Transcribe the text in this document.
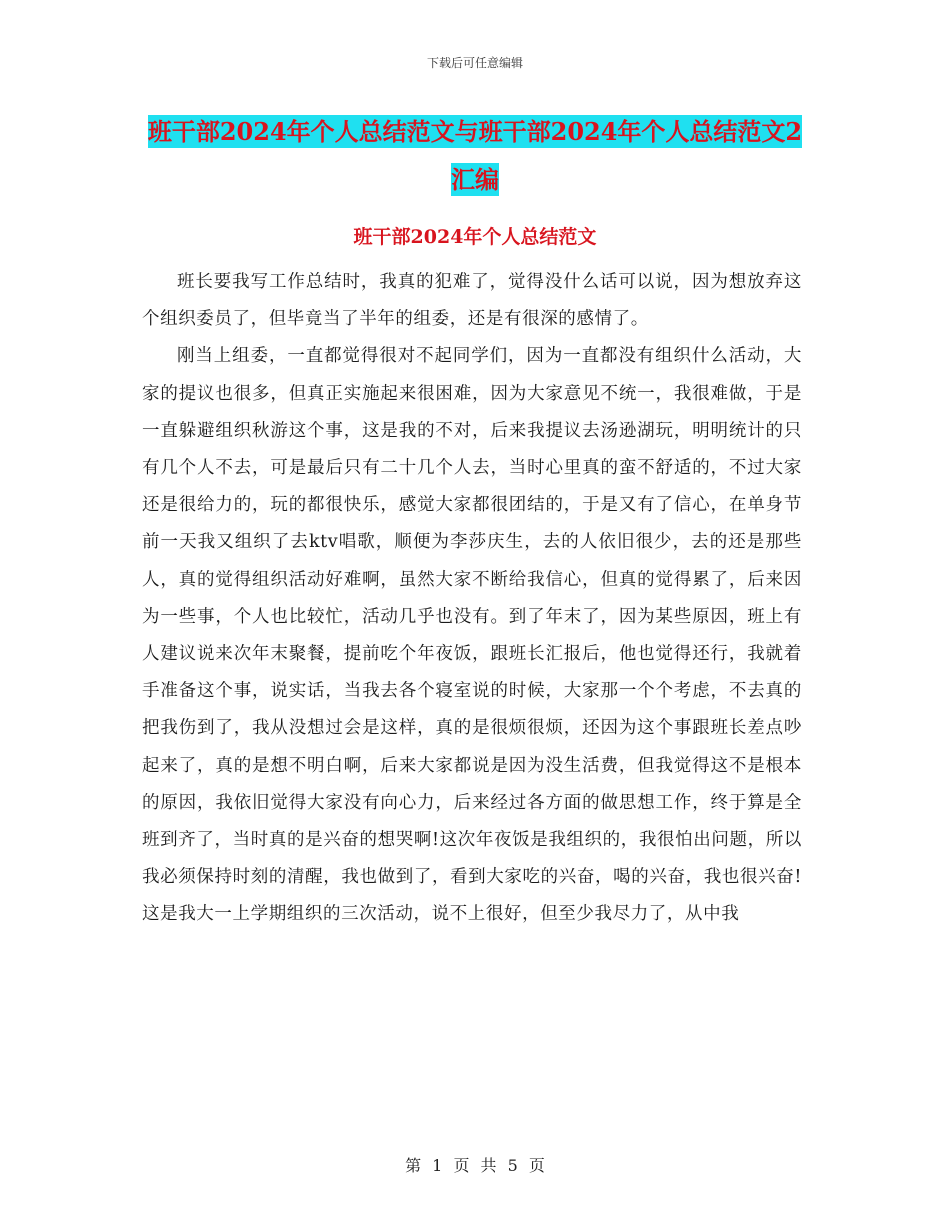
下载后可任意编辑
班干部2024年个人总结范文与班干部2024年个人总结范文2汇编
班干部2024年个人总结范文

班长要我写工作总结时，我真的犯难了，觉得没什么话可以说，因为想放弃这个组织委员了，但毕竟当了半年的组委，还是有很深的感情了。

刚当上组委，一直都觉得很对不起同学们，因为一直都没有组织什么活动，大家的提议也很多，但真正实施起来很困难，因为大家意见不统一，我很难做，于是一直躲避组织秋游这个事，这是我的不对，后来我提议去汤逊湖玩，明明统计的只有几个人不去，可是最后只有二十几个人去，当时心里真的蛮不舒适的，不过大家还是很给力的，玩的都很快乐，感觉大家都很团结的，于是又有了信心，在单身节前一天我又组织了去ktv唱歌，顺便为李莎庆生，去的人依旧很少，去的还是那些人，真的觉得组织活动好难啊，虽然大家不断给我信心，但真的觉得累了，后来因为一些事，个人也比较忙，活动几乎也没有。到了年末了，因为某些原因，班上有人建议说来次年末聚餐，提前吃个年夜饭，跟班长汇报后，他也觉得还行，我就着手准备这个事，说实话，当我去各个寝室说的时候，大家那一个个考虑，不去真的把我伤到了，我从没想过会是这样，真的是很烦很烦，还因为这个事跟班长差点吵起来了，真的是想不明白啊，后来大家都说是因为没生活费，但我觉得这不是根本的原因，我依旧觉得大家没有向心力，后来经过各方面的做思想工作，终于算是全班到齐了，当时真的是兴奋的想哭啊!这次年夜饭是我组织的，我很怕出问题，所以我必须保持时刻的清醒，我也做到了，看到大家吃的兴奋，喝的兴奋，我也很兴奋!这是我大一上学期组织的三次活动，说不上很好，但至少我尽力了，从中我

第 1 页 共 5 页
